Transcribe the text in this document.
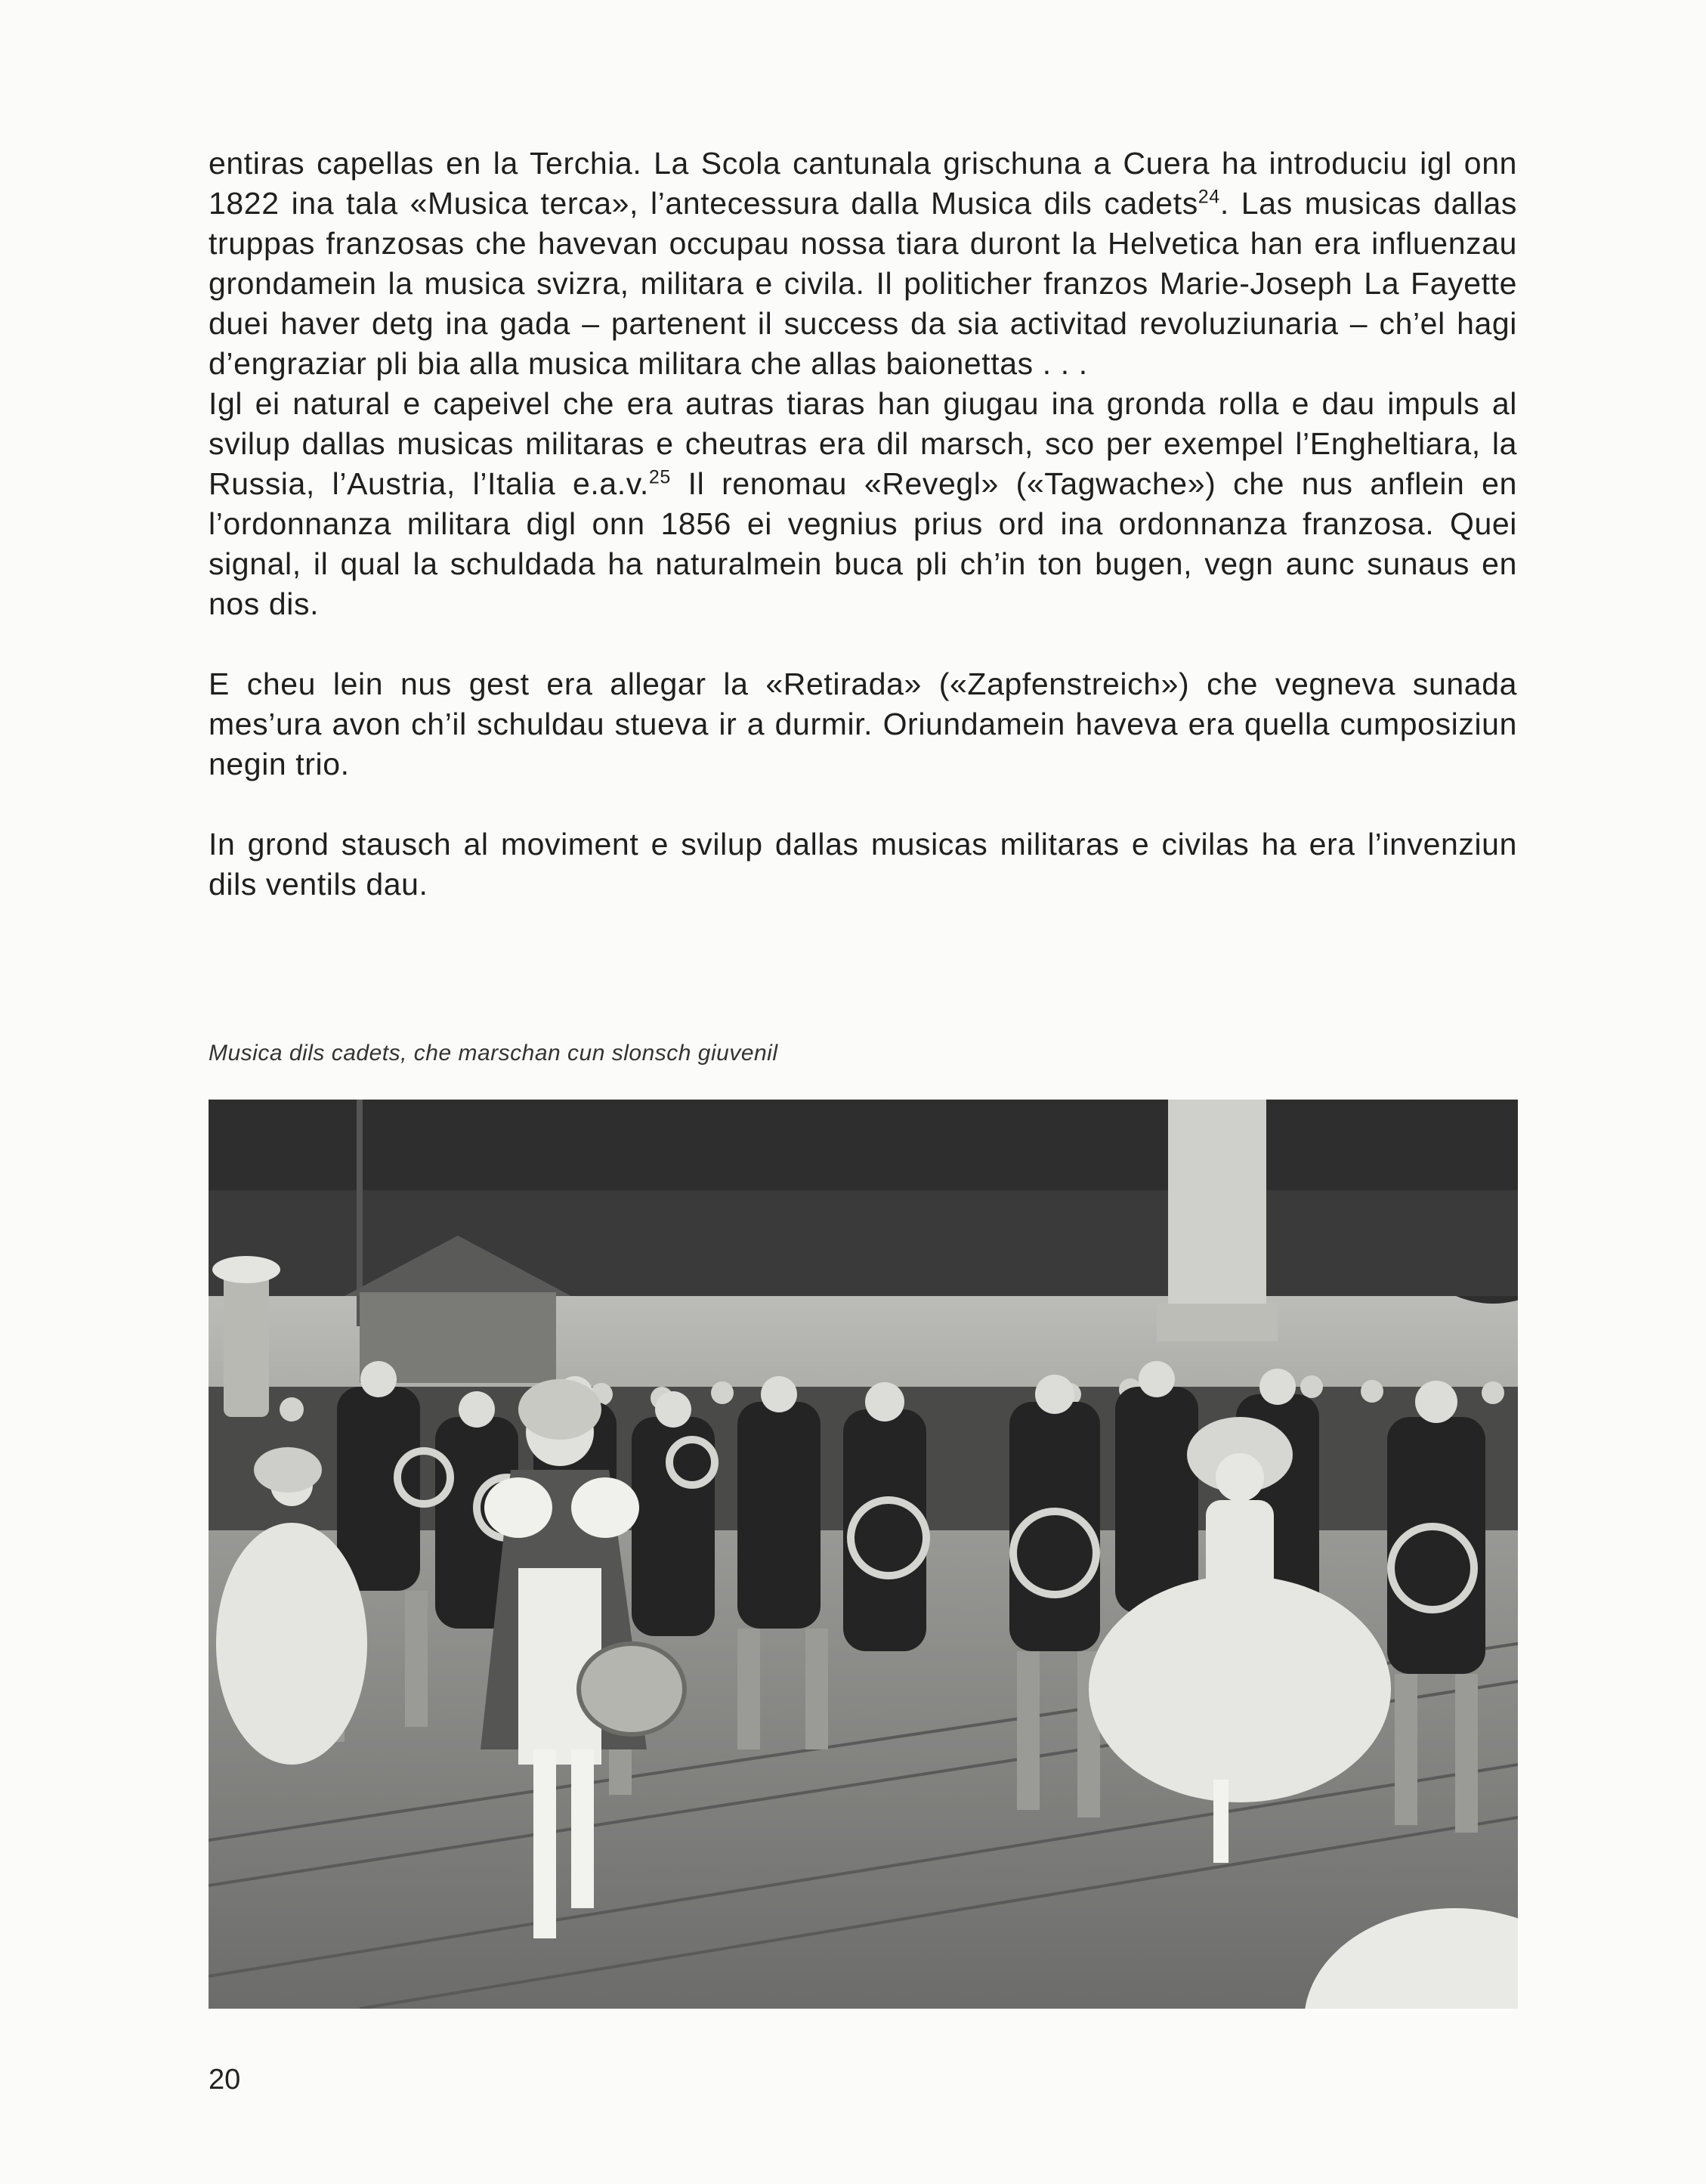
entiras capellas en la Terchia. La Scola cantunala grischuna a Cuera ha introduciu igl onn 1822 ina tala «Musica terca», l’antecessura dalla Musica dils cadets$^{24}$. Las musicas dallas truppas franzosas che havevan occupau nossa tiara duront la Helvetica han era influenzau grondamein la musica svizra, militara e civila. Il politicher franzos Marie-Joseph La Fayette duei haver detg ina gada – partenent il success da sia activitad revoluziunaria – ch’el hagi d’engraziar pli bia alla musica militara che allas baionettas . . .

Igl ei natural e capeivel che era autras tiaras han giugau ina gronda rolla e dau impuls al svilup dallas musicas militaras e cheutras era dil marsch, sco per exempel l’Engheltiara, la Russia, l’Austria, l’Italia e.a.v.$^{25}$ Il renomau «Revegl» («Tagwache») che nus anflein en l’ordonnanza militara digl onn 1856 ei vegnius prius ord ina ordonnanza franzosa. Quei signal, il qual la schuldada ha naturalmein buca pli ch’in ton bugen, vegn aunc sunaus en nos dis.

E cheu lein nus gest era allegar la «Retirada» («Zapfenstreich») che vegneva sunada mes’ura avon ch’il schuldau stueva ir a durmir. Oriundamein haveva era quella cumposiziun negin trio.

In grond stausch al moviment e svilup dallas musicas militaras e civilas ha era l’invenziun dils ventils dau.

Musica dils cadets, che marschan cun slonsch giuvenil
20
